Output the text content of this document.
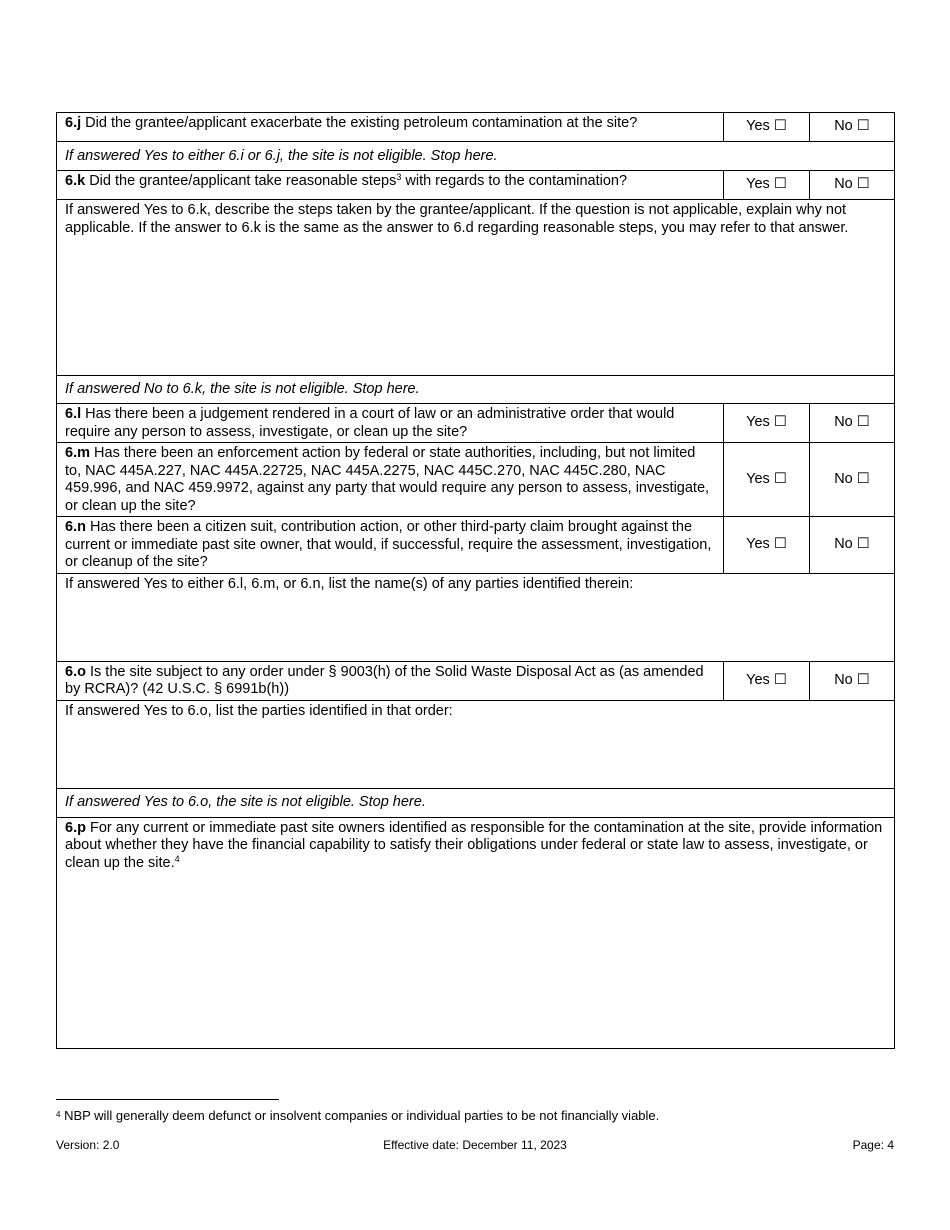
6.j Did the grantee/applicant exacerbate the existing petroleum contamination at the site?	Yes ☐	No ☐
If answered Yes to either 6.i or 6.j, the site is not eligible. Stop here.		
6.k Did the grantee/applicant take reasonable steps$^3$ with regards to the contamination?	Yes ☐	No ☐
If answered Yes to 6.k, describe the steps taken by the grantee/applicant. If the question is not applicable, explain why not applicable. If the answer to 6.k is the same as the answer to 6.d regarding reasonable steps, you may refer to that answer.		
If answered No to 6.k, the site is not eligible. Stop here.		
6.l Has there been a judgement rendered in a court of law or an administrative order that would require any person to assess, investigate, or clean up the site?	Yes ☐	No ☐
6.m Has there been an enforcement action by federal or state authorities, including, but not limited to, NAC 445A.227, NAC 445A.22725, NAC 445A.2275, NAC 445C.270, NAC 445C.280, NAC 459.996, and NAC 459.9972, against any party that would require any person to assess, investigate, or clean up the site?	Yes ☐	No ☐
6.n Has there been a citizen suit, contribution action, or other third-party claim brought against the current or immediate past site owner, that would, if successful, require the assessment, investigation, or cleanup of the site?	Yes ☐	No ☐
If answered Yes to either 6.l, 6.m, or 6.n, list the name(s) of any parties identified therein:		
6.o Is the site subject to any order under § 9003(h) of the Solid Waste Disposal Act as (as amended by RCRA)? (42 U.S.C. § 6991b(h))	Yes ☐	No ☐
If answered Yes to 6.o, list the parties identified in that order:		
If answered Yes to 6.o, the site is not eligible. Stop here.		
6.p For any current or immediate past site owners identified as responsible for the contamination at the site, provide information about whether they have the financial capability to satisfy their obligations under federal or state law to assess, investigate, or clean up the site.$^4$
$^4$ NBP will generally deem defunct or insolvent companies or individual parties to be not financially viable.
Version: 2.0	Effective date: December 11, 2023	Page: 4
